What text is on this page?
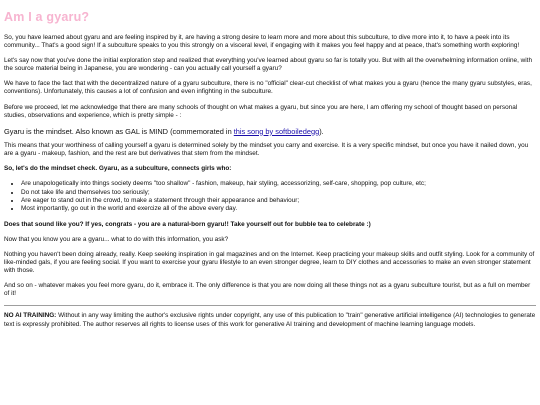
Am I a gyaru?

So, you have learned about gyaru and are feeling inspired by it, are having a strong desire to learn more and more about this subculture, to dive more into it, to have a peek into its community... That's a good sign! If a subculture speaks to you this strongly on a visceral level, if engaging with it makes you feel happy and at peace, that's something worth exploring!

Let's say now that you've done the initial exploration step and realized that everything you've learned about gyaru so far is totally you. But with all the overwhelming information online, with the source material being in Japanese, you are wondering - can you actually call yourself a gyaru?

We have to face the fact that with the decentralized nature of a gyaru subculture, there is no "official" clear-cut checklist of what makes you a gyaru (hence the many gyaru substyles, eras, conventions). Unfortunately, this causes a lot of confusion and even infighting in the subculture.

Before we proceed, let me acknowledge that there are many schools of thought on what makes a gyaru, but since you are here, I am offering my school of thought based on personal studies, observations and experience, which is pretty simple - :

Gyaru is the mindset. Also known as GAL is MIND (commemorated in this song by softboiledegg).

This means that your worthiness of calling yourself a gyaru is determined solely by the mindset you carry and exercise. It is a very specific mindset, but once you have it nailed down, you are a gyaru - makeup, fashion, and the rest are but derivatives that stem from the mindset.

So, let's do the mindset check. Gyaru, as a subculture, connects girls who:

• Are unapologetically into things society deems "too shallow" - fashion, makeup, hair styling, accessorizing, self-care, shopping, pop culture, etc;
• Do not take life and themselves too seriously;
• Are eager to stand out in the crowd, to make a statement through their appearance and behaviour;
• Most importantly, go out in the world and exercize all of the above every day.

Does that sound like you? If yes, congrats - you are a natural-born gyaru!! Take yourself out for bubble tea to celebrate :)

Now that you know you are a gyaru... what to do with this information, you ask?

Nothing you haven't been doing already, really. Keep seeking inspiration in gal magazines and on the Internet. Keep practicing your makeup skills and outfit styling. Look for a community of like-minded gals, if you are feeling social. If you want to exercise your gyaru lifestyle to an even stronger degree, learn to DIY clothes and accessories to make an even stronger statement with those.

And so on - whatever makes you feel more gyaru, do it, embrace it. The only difference is that you are now doing all these things not as a gyaru subculture tourist, but as a full on member of it!

NO AI TRAINING: Without in any way limiting the author's exclusive rights under copyright, any use of this publication to "train" generative artificial intelligence (AI) technologies to generate text is expressly prohibited. The author reserves all rights to license uses of this work for generative AI training and development of machine learning language models.
